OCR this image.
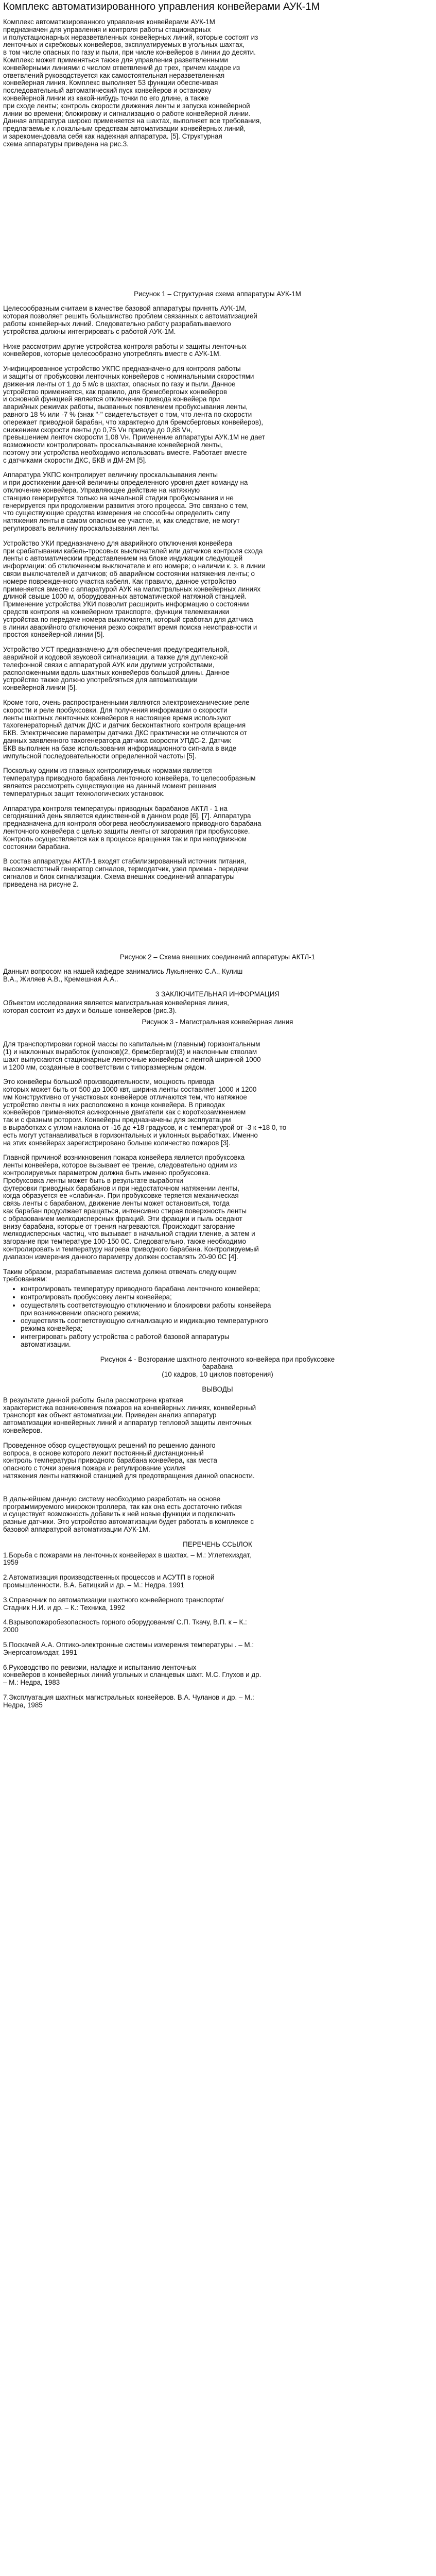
Комплекс автоматизированного управления конвейерами АУК-1М

Комплекс автоматизированного управления конвейерами АУК-1М
предназначен для управления и контроля работы стационарных
и полустационарных неразветвленных конвейерных линий, которые состоят из
ленточных и скребковых конвейеров, эксплуатируемых в угольных шахтах,
в том числе опасных по газу и пыли, при числе конвейеров в линии до десяти.
Комплекс может применяться также для управления разветвленными
конвейерными линиями с числом ответвлений до трех, причем каждое из
ответвлений руководствуется как самостоятельная неразветвленная
конвейерная линия. Комплекс выполняет 53 функции обеспечивая
последовательный автоматический пуск конвейеров и остановку
конвейерной линии из какой-нибудь точки по его длине, а также
при сходе ленты; контроль скорости движения ленты и запуска конвейерной
линии во времени; блокировку и сигнализацию о работе конвейерной линии.
Данная аппаратура широко применяется на шахтах, выполняет все требования,
предлагаемые к локальным средствам автоматизации конвейерных линий,
и зарекомендовала себя как надежная аппаратура. [5]. Структурная
схема аппаратуры приведена на рис.3.

Рисунок 1 – Структурная схема аппаратуры АУК-1М

Целесообразным считаем в качестве базовой аппаратуры принять АУК-1М,
которая позволяет решить большинство проблем связанных с автоматизацией
работы конвейерных линий. Следовательно работу разрабатываемого
устройства должны интегрировать с работой АУК-1М.

Ниже рассмотрим другие устройства контроля работы и защиты ленточных
конвейеров, которые целесообразно употреблять вместе с АУК-1М.

Унифицированное устройство УКПС предназначено для контроля работы
и защиты от пробуксовки ленточных конвейеров с номинальными скоростями
движения ленты от 1 до 5 м/с в шахтах, опасных по газу и пыли. Данное
устройство применяется, как правило, для бремсбергоых конвейеров
и основной функцией является отключение привода конвейера при
аварийных режимах работы, вызванных появлением пробуксывания ленты,
равного 18 % или -7 % (знак "-" свидетельствует о том, что лента по скорости
опережает приводной барабан, что характерно для бремсберговых конвейеров),
снижением скорости ленты до 0,75 Vн привода до 0,88 Vн,
превышением ленточ скорости 1,08 Vн. Применение аппаратуры АУК.1М не дает
возможности контролировать проскальзывание конвейерной ленты,
поэтому эти устройства необходимо использовать вместе. Работает вместе
с датчиками скорости ДКС, БКВ и ДМ-2М [5].

Аппаратура УКПС контролирует величину проскальзывания ленты
и при достижении данной величины определенного уровня дает команду на
отключение конвейера. Управляющее действие на натяжную
станцию генерируется только на начальной стадии пробуксывания и не
генерируется при продолжении развития этого процесса. Это связано с тем,
что существующие средства измерения не способны определить силу
натяжения ленты в самом опасном ее участке, и, как следствие, не могут
регулировать величину проскальзывания ленты.

Устройство УКИ предназначено для аварийного отключения конвейера
при срабатывании кабель-тросовых выключателей или датчиков контроля схода
ленты с автоматическим представлением на блоке индикации следующей
информации: об отключенном выключателе и его номере; о наличии к. з. в линии
связи выключателей и датчиков; об аварийном состоянии натяжения ленты; о
номере поврежденного участка кабеля. Как правило, данное устройство
применяется вместе с аппаратурой АУК на магистральных конвейерных линиях
длиной свыше 1000 м, оборудованных автоматической натяжной станцией.
Применение устройства УКИ позволит расширить информацию о состоянии
средств контроля на конвейерном транспорте, функции телемеханики
устройства по передаче номера выключателя, который сработал для датчика
в линии аварийного отключения резко сократит время поиска неисправности и
простоя конвейерной линии [5].

Устройство УСТ предназначено для обеспечения предупредительной,
аварийной и кодовой звуковой сигнализации, а также для дуплексной
телефонной связи с аппаратурой АУК или другими устройствами,
расположенными вдоль шахтных конвейеров большой длины. Данное
устройство также должно употребляться для автоматизации
конвейерной линии [5].

Кроме того, очень распространенными являются электромеханические реле
скорости и реле пробуксовки. Для получения информации о скорости
ленты шахтных ленточных конвейеров в настоящее время используют
тахогенераторный датчик ДКС и датчик бесконтактного контроля вращения
БКВ. Электрические параметры датчика ДКС практически не отличаются от
данных заявленного тахогенератора датчика скорости УПДС-2. Датчик
БКВ выполнен на базе использования информационного сигнала в виде
импульсной последовательности определенной частоты [5].

Поскольку одним из главных контролируемых нормами является
температура приводного барабана ленточного конвейера, то целесообразным
является рассмотреть существующие на данный момент решения
температурных защит технологических установок.

Аппаратура контроля температуры приводных барабанов АКТЛ - 1 на
сегодняшний день является единственной в данном роде [6], [7]. Аппаратура
предназначена для контроля обогрева необслуживаемого приводного барабана
ленточного конвейера с целью защиты ленты от загорания при пробуксовке.
Контроль осуществляется как в процессе вращения так и при неподвижном
состоянии барабана.

В состав аппаратуры АКТЛ-1 входят стабилизированный источник питания,
высокочастотный генератор сигналов, термодатчик, узел приема - передачи
сигналов и блок сигнализации. Схема внешних соединений аппаратуры
приведена на рисуне 2.

Рисунок 2 – Схема внешних соединений аппаратуры АКТЛ-1

Данным вопросом на нашей кафедре занимались Лукьяненко С.А., Кулиш
В.А., Жиляев А.В., Кремешная А.А..

3 ЗАКЛЮЧИТЕЛЬНАЯ ИНФОРМАЦИЯ

Объектом исследования является магистральная конвейерная линия,
которая состоит из двух и больше конвейеров (рис.3).

Рисунок 3 - Магистральная конвейерная линия

Для транспортировки горной массы по капитальным (главным) горизонтальным
(1) и наклонных выработок (уклонов)(2, бремсбергам)(3) и наклонным стволам
шахт выпускаются стационарные ленточные конвейеры с лентой шириной 1000
и 1200 мм, созданные в соответствии с типоразмерным рядом.

Это конвейеры большой производительности, мощность привода
которых может быть от 500 до 1000 квт, ширина ленты составляет 1000 и 1200
мм Конструктивно от участковых конвейеров отличаются тем, что натяжное
устройство ленты в них расположено в конце конвейера. В приводах
конвейеров применяются асинхронные двигатели как с короткозамкнением
так и с фазным ротором. Конвейеры предназначены для эксплуатации
в выработках с углом наклона от -16 до +18 градусов, и с температурой от -3 к +18 0, то
есть могут устанавливаться в горизонтальных и уклонных выработках. Именно
на этих конвейерах зарегистрировано больше количество пожаров [3].

Главной причиной возникновения пожара конвейера является пробуксовка
ленты конвейера, которое вызывает ее трение, следовательно одним из
контролируемых параметром должна быть именно пробуксовка.
Пробуксовка ленты может быть в результате выработки
футеровки приводных барабанов и при недостаточном натяжении ленты,
когда образуется ее «слабина». При пробуксовке теряется механическая
связь ленты с барабаном, движение ленты может остановиться, тогда
как барабан продолжает вращаться, интенсивно стирая поверхность ленты
с образованием мелкодисперсных фракций. Эти фракции и пыль оседают
внизу барабана, которые от трения нагреваются. Происходит загорание
мелкодисперсных частиц, что вызывает в начальной стадии тление, а затем и
загорание при температуре 100-150 0С. Следовательно, также необходимо
контролировать и температуру нагрева приводного барабана. Контролируемый
диапазон измерения данного параметру должен составлять 20-90 0С [4].

Таким образом, разрабатываемая система должна отвечать следующим
требованиям:

• контролировать температуру приводного барабана ленточного конвейера;
• контролировать пробуксовку ленты конвейера;
• осуществлять соответствующую отключению и блокировки работы конвейера
при возникновении опасного режима;
• осуществлять соответствующую сигнализацию и индикацию температурного
режима конвейера;
• интегрировать работу устройства с работой базовой аппаратуры
автоматизации.

Рисунок 4 - Возгорание шахтного ленточного конвейера при пробуксовке
барабана
(10 кадров, 10 циклов повторения)

ВЫВОДЫ

В результате данной работы была рассмотрена краткая
характеристика возникновения пожаров на конвейерных линиях, конвейерный
транспорт как объект автоматизации. Приведен анализ аппаратур
автоматизации конвейерных линий и аппаратур тепловой защиты ленточных
конвейеров.

Проведенное обзор существующих решений по решению данного
вопроса, в основе которого лежит постоянный дистанционный
контроль температуры приводного барабана конвейера, как места
опасного с точки зрения пожара и регулирование усилия
натяжения ленты натяжной станцией для предотвращения данной опасности.

В дальнейшем данную систему необходимо разработать на основе
программируемого микроконтроллера, так как она есть достаточно гибкая
и существует возможность добавить к ней новые функции и подключать
разные датчики. Это устройство автоматизации будет работать в комплексе с
базовой аппаратурой автоматизации АУК-1М.

ПЕРЕЧЕНЬ ССЫЛОК

1.Борьба с пожарами на ленточных конвейерах в шахтах. – М.: Углетехиздат,
1959

2.Автоматизация производственных процессов и АСУТП в горной
промышленности. В.А. Батицкий и др. – М.: Недра, 1991

3.Справочник по автоматизации шахтного конвейерного транспорта/
Стадник Н.И. и др. – К.: Техника, 1992

4.Взрывопожаробезопасность горного оборудования/ С.П. Ткачу, В.П. к – К.:
2000

5.Поскачей А.А. Оптико-электронные системы измерения температуры . – М.:
Энергоатомиздат, 1991

6.Руководство по ревизии, наладке и испытанию ленточных
конвейеров в конвейерных линий угольных и сланцевых шахт. М.С. Глухов и др.
– М.: Недра, 1983

7.Эксплуатация шахтных магистральных конвейеров. В.А. Чуланов и др. – М.:
Недра, 1985
